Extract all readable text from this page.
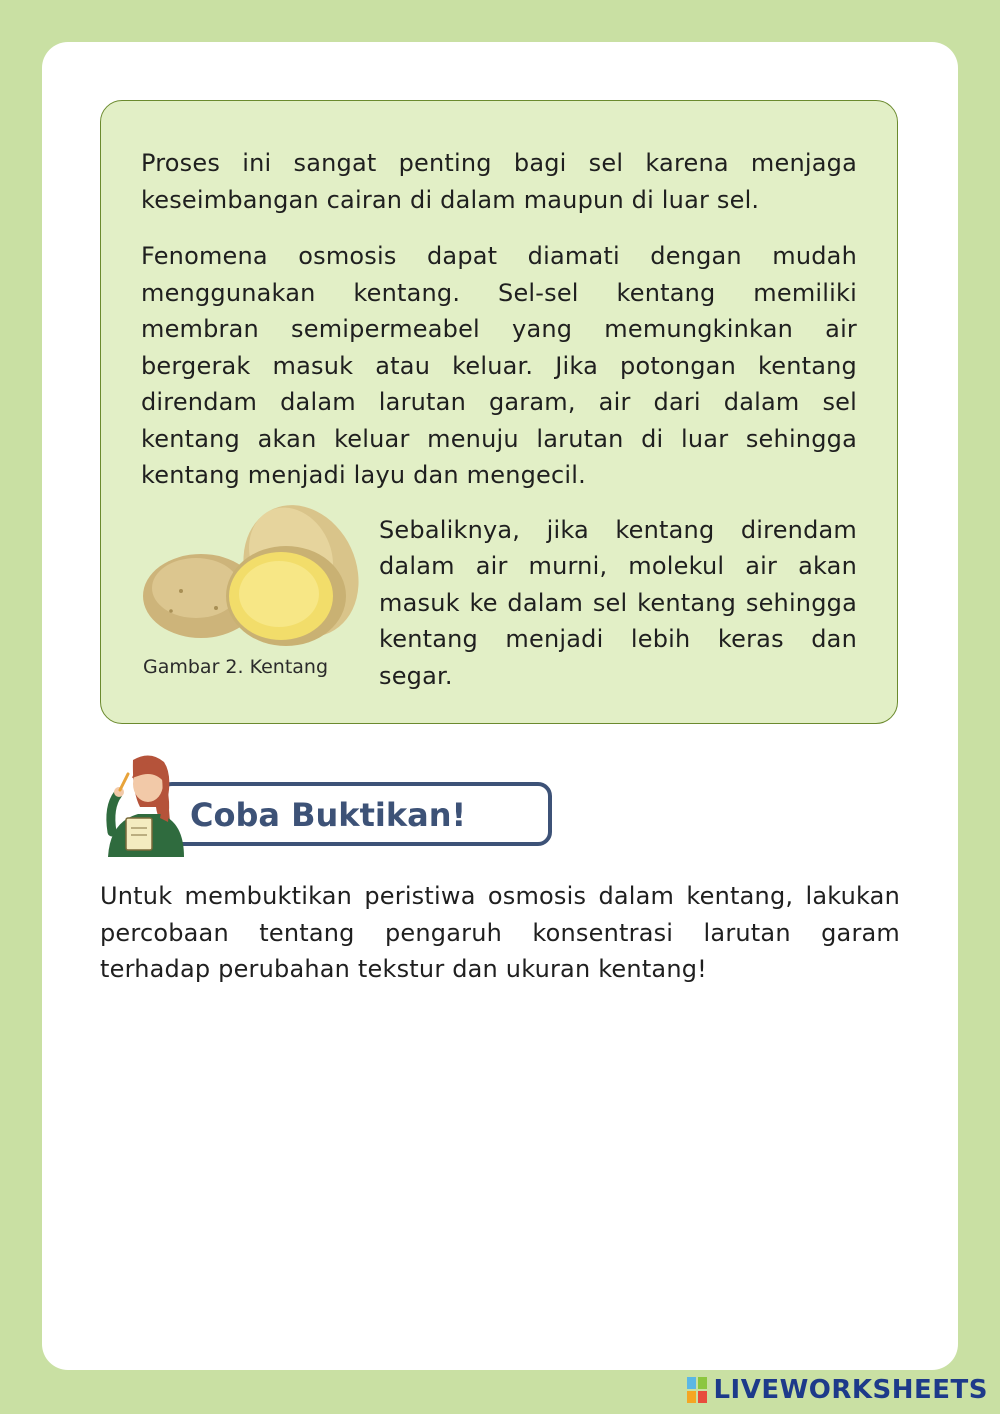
Proses ini sangat penting bagi sel karena menjaga keseimbangan cairan di dalam maupun di luar sel.

Fenomena osmosis dapat diamati dengan mudah menggunakan kentang. Sel-sel kentang memiliki membran semipermeabel yang memungkinkan air bergerak masuk atau keluar. Jika potongan kentang direndam dalam larutan garam, air dari dalam sel kentang akan keluar menuju larutan di luar sehingga kentang menjadi layu dan mengecil.

Gambar 2. Kentang

Sebaliknya, jika kentang direndam dalam air murni, molekul air akan masuk ke dalam sel kentang sehingga kentang menjadi lebih keras dan segar.

Coba Buktikan!

Untuk membuktikan peristiwa osmosis dalam kentang, lakukan percobaan tentang pengaruh konsentrasi larutan garam terhadap perubahan tekstur dan ukuran kentang!

LIVEWORKSHEETS
